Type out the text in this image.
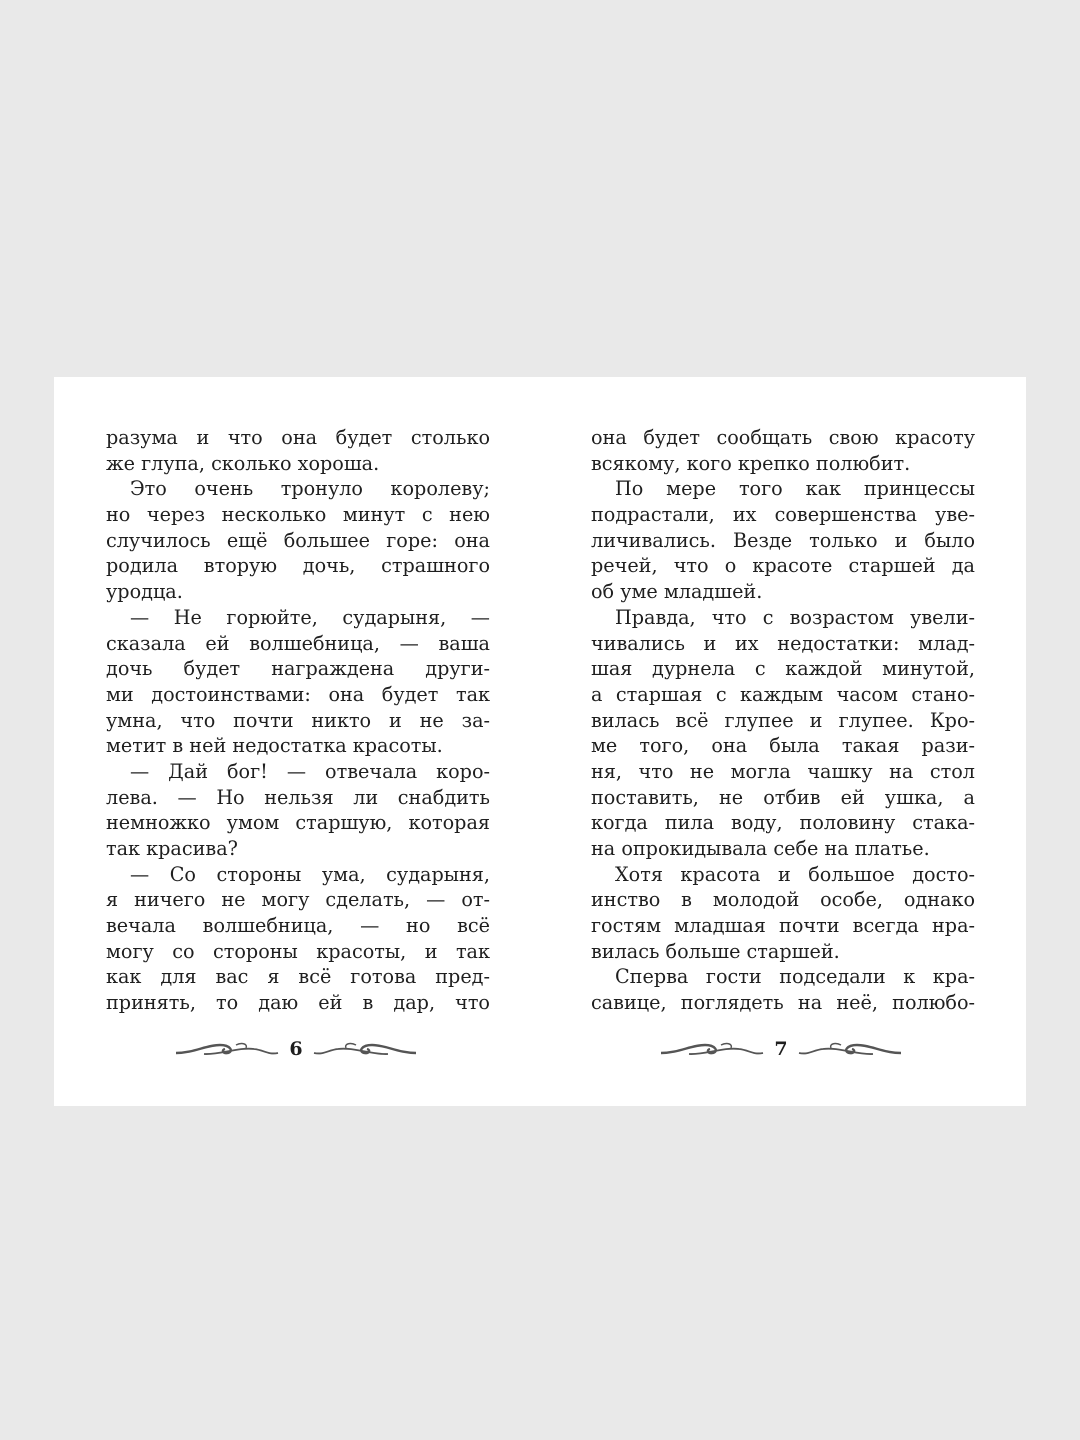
разума и что она будет столько
же глупа, сколько хороша.
Это очень тронуло королеву;
но через несколько минут с нею
случилось ещё большее горе: она
родила вторую дочь, страшного
уродца.
— Не горюйте, сударыня, —
сказала ей волшебница, — ваша
дочь будет награждена други-
ми достоинствами: она будет так
умна, что почти никто и не за-
метит в ней недостатка красоты.
— Дай бог! — отвечала коро-
лева. — Но нельзя ли снабдить
немножко умом старшую, которая
так красива?
— Со стороны ума, сударыня,
я ничего не могу сделать, — от-
вечала волшебница, — но всё
могу со стороны красоты, и так
как для вас я всё готова пред-
принять, то даю ей в дар, что
она будет сообщать свою красоту
всякому, кого крепко полюбит.
По мере того как принцессы
подрастали, их совершенства уве-
личивались. Везде только и было
речей, что о красоте старшей да
об уме младшей.
Правда, что с возрастом увели-
чивались и их недостатки: млад-
шая дурнела с каждой минутой,
а старшая с каждым часом стано-
вилась всё глупее и глупее. Кро-
ме того, она была такая рази-
ня, что не могла чашку на стол
поставить, не отбив ей ушка, а
когда пила воду, половину стака-
на опрокидывала себе на платье.
Хотя красота и большое досто-
инство в молодой особе, однако
гостям младшая почти всегда нра-
вилась больше старшей.
Сперва гости подседали к кра-
савице, поглядеть на неё, полюбо-
6	7
